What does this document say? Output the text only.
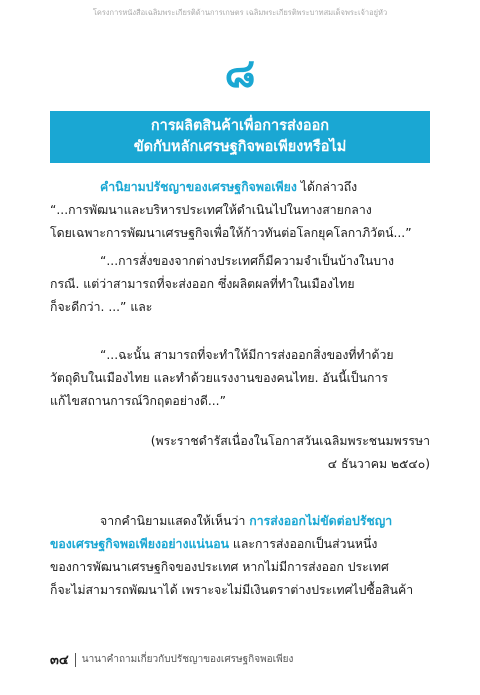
โครงการหนังสือเฉลิมพระเกียรติด้านการเกษตร เฉลิมพระเกียรติพระบาทสมเด็จพระเจ้าอยู่หัว
๘
การผลิตสินค้าเพื่อการส่งออก
ขัดกับหลักเศรษฐกิจพอเพียงหรือไม่
คำนิยามปรัชญาของเศรษฐกิจพอเพียง ได้กล่าวถึง
“...การพัฒนาและบริหารประเทศให้ดำเนินไปในทางสายกลาง
โดยเฉพาะการพัฒนาเศรษฐกิจเพื่อให้ก้าวทันต่อโลกยุคโลกาภิวัตน์...”
“...การสั่งของจากต่างประเทศก็มีความจำเป็นบ้างในบาง
กรณี. แต่ว่าสามารถที่จะส่งออก ซึ่งผลิตผลที่ทำในเมืองไทย
ก็จะดีกว่า. ...” และ
“...ฉะนั้น สามารถที่จะทำให้มีการส่งออกสิ่งของที่ทำด้วย
วัตถุดิบในเมืองไทย และทำด้วยแรงงานของคนไทย. อันนี้เป็นการ
แก้ไขสถานการณ์วิกฤตอย่างดี...”
(พระราชดำรัสเนื่องในโอกาสวันเฉลิมพระชนมพรรษา
๔ ธันวาคม ๒๕๔๐)
จากคำนิยามแสดงให้เห็นว่า การส่งออกไม่ขัดต่อปรัชญา
ของเศรษฐกิจพอเพียงอย่างแน่นอน และการส่งออกเป็นส่วนหนึ่ง
ของการพัฒนาเศรษฐกิจของประเทศ หากไม่มีการส่งออก ประเทศ
ก็จะไม่สามารถพัฒนาได้ เพราะจะไม่มีเงินตราต่างประเทศไปซื้อสินค้า
๓๔ นานาคำถามเกี่ยวกับปรัชญาของเศรษฐกิจพอเพียง
